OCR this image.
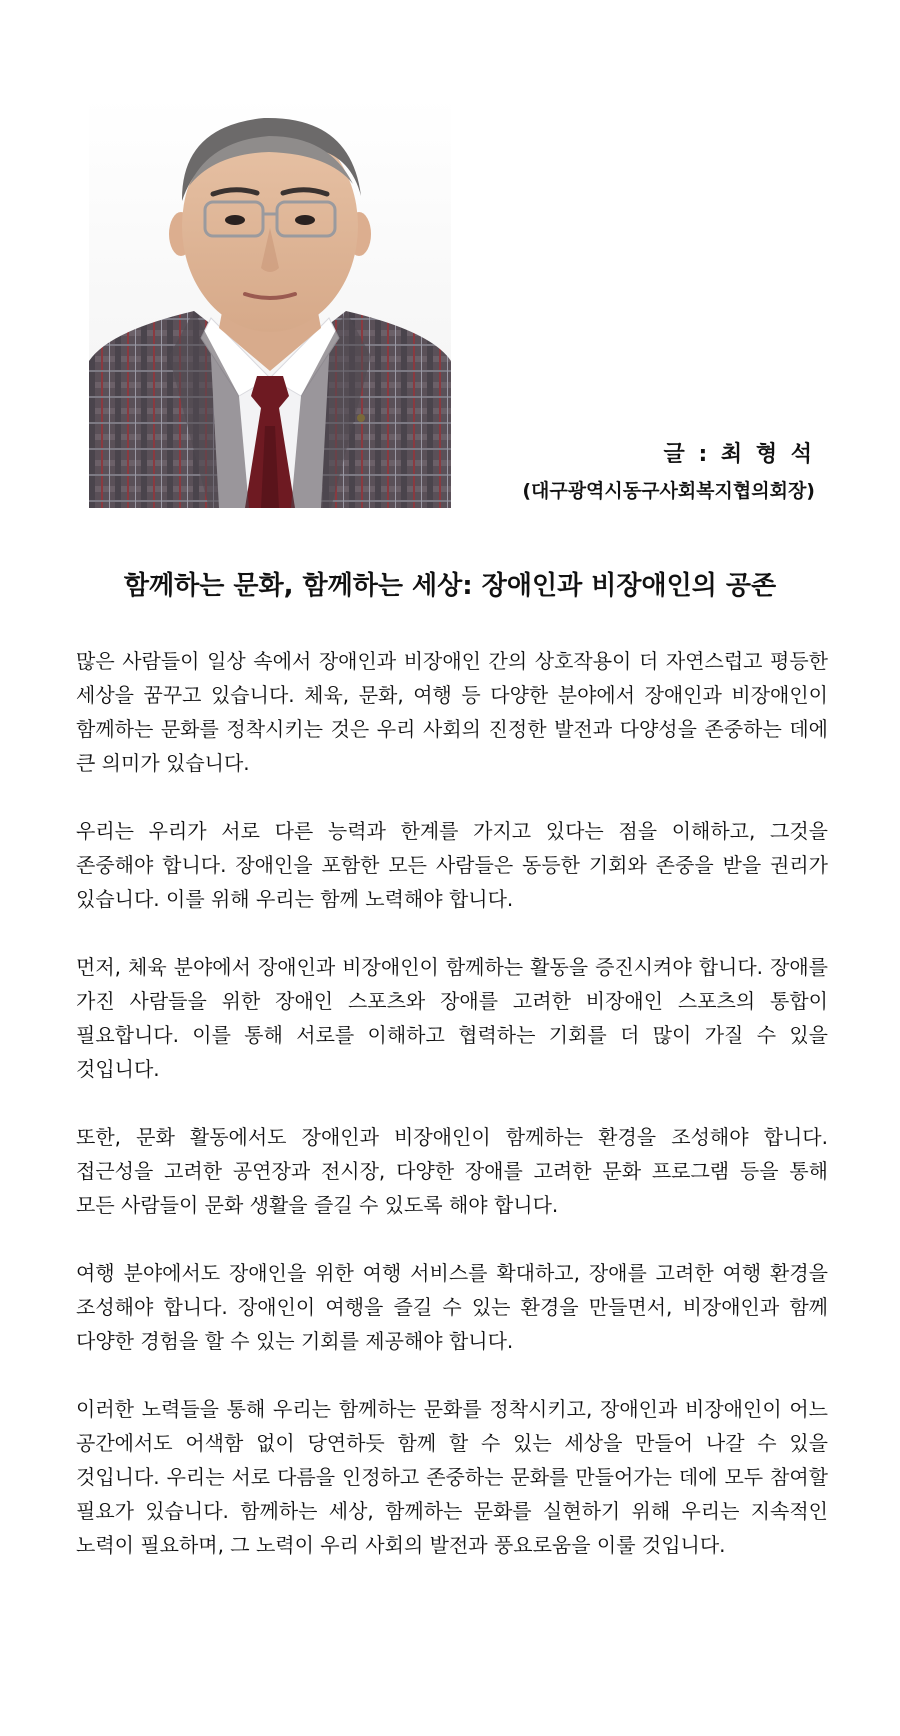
글 : 최 형 석

(대구광역시동구사회복지협의회장)

함께하는 문화, 함께하는 세상: 장애인과 비장애인의 공존

많은 사람들이 일상 속에서 장애인과 비장애인 간의 상호작용이 더 자연스럽고 평등한 세상을 꿈꾸고 있습니다. 체육, 문화, 여행 등 다양한 분야에서 장애인과 비장애인이 함께하는 문화를 정착시키는 것은 우리 사회의 진정한 발전과 다양성을 존중하는 데에 큰 의미가 있습니다.

우리는 우리가 서로 다른 능력과 한계를 가지고 있다는 점을 이해하고, 그것을 존중해야 합니다. 장애인을 포함한 모든 사람들은 동등한 기회와 존중을 받을 권리가 있습니다. 이를 위해 우리는 함께 노력해야 합니다.

먼저, 체육 분야에서 장애인과 비장애인이 함께하는 활동을 증진시켜야 합니다. 장애를 가진 사람들을 위한 장애인 스포츠와 장애를 고려한 비장애인 스포츠의 통합이 필요합니다. 이를 통해 서로를 이해하고 협력하는 기회를 더 많이 가질 수 있을 것입니다.

또한, 문화 활동에서도 장애인과 비장애인이 함께하는 환경을 조성해야 합니다. 접근성을 고려한 공연장과 전시장, 다양한 장애를 고려한 문화 프로그램 등을 통해 모든 사람들이 문화 생활을 즐길 수 있도록 해야 합니다.

여행 분야에서도 장애인을 위한 여행 서비스를 확대하고, 장애를 고려한 여행 환경을 조성해야 합니다. 장애인이 여행을 즐길 수 있는 환경을 만들면서, 비장애인과 함께 다양한 경험을 할 수 있는 기회를 제공해야 합니다.

이러한 노력들을 통해 우리는 함께하는 문화를 정착시키고, 장애인과 비장애인이 어느 공간에서도 어색함 없이 당연하듯 함께 할 수 있는 세상을 만들어 나갈 수 있을 것입니다. 우리는 서로 다름을 인정하고 존중하는 문화를 만들어가는 데에 모두 참여할 필요가 있습니다. 함께하는 세상, 함께하는 문화를 실현하기 위해 우리는 지속적인 노력이 필요하며, 그 노력이 우리 사회의 발전과 풍요로움을 이룰 것입니다.
